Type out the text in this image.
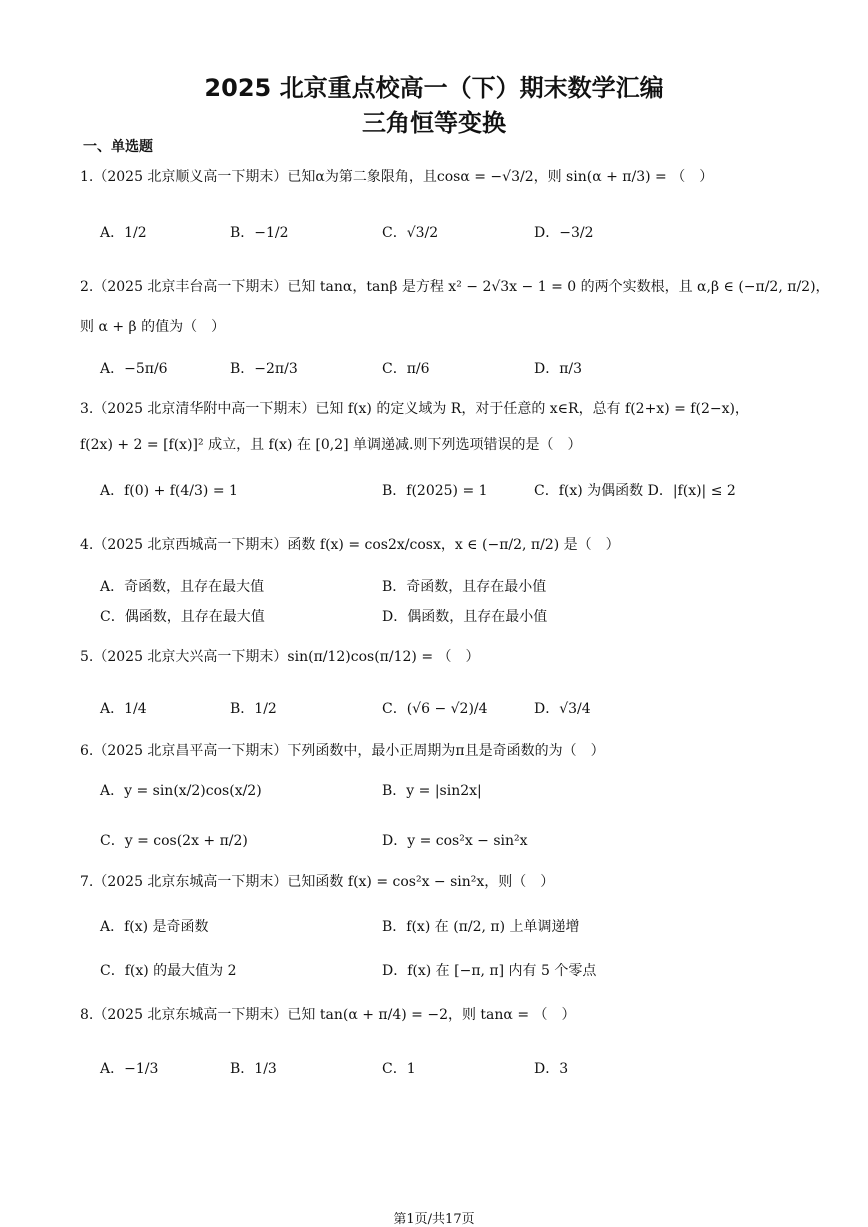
2025 北京重点校高一（下）期末数学汇编
三角恒等变换
一、单选题
1.（2025 北京顺义高一下期末）已知α为第二象限角，且cosα = −√3/2，则 sin(α + π/3) = （　）
A．1/2	B．−1/2	C．√3/2	D．−3/2
2.（2025 北京丰台高一下期末）已知 tanα，tanβ 是方程 x² − 2√3x − 1 = 0 的两个实数根，且 α,β ∈ (−π/2, π/2)，
则 α + β 的值为（　）
A．−5π/6	B．−2π/3	C．π/6	D．π/3
3.（2025 北京清华附中高一下期末）已知 f(x) 的定义域为 R，对于任意的 x∈R，总有 f(2+x) = f(2−x)，
f(2x) + 2 = [f(x)]² 成立，且 f(x) 在 [0,2] 单调递减.则下列选项错误的是（　）
A．f(0) + f(4/3) = 1	B．f(2025) = 1	C．f(x) 为偶函数 D．|f(x)| ≤ 2
4.（2025 北京西城高一下期末）函数 f(x) = cos2x/cosx，x ∈ (−π/2, π/2) 是（　）
A．奇函数，且存在最大值	B．奇函数，且存在最小值
C．偶函数，且存在最大值	D．偶函数，且存在最小值
5.（2025 北京大兴高一下期末）sin(π/12)cos(π/12) = （　）
A．1/4	B．1/2	C．(√6 − √2)/4	D．√3/4
6.（2025 北京昌平高一下期末）下列函数中，最小正周期为π且是奇函数的为（　）
A．y = sin(x/2)cos(x/2)	B．y = |sin2x|
C．y = cos(2x + π/2)	D．y = cos²x − sin²x
7.（2025 北京东城高一下期末）已知函数 f(x) = cos²x − sin²x，则（　）
A．f(x) 是奇函数	B．f(x) 在 (π/2, π) 上单调递增
C．f(x) 的最大值为 2	D．f(x) 在 [−π, π] 内有 5 个零点
8.（2025 北京东城高一下期末）已知 tan(α + π/4) = −2，则 tanα = （　）
A．−1/3	B．1/3	C．1	D．3
第1页/共17页
